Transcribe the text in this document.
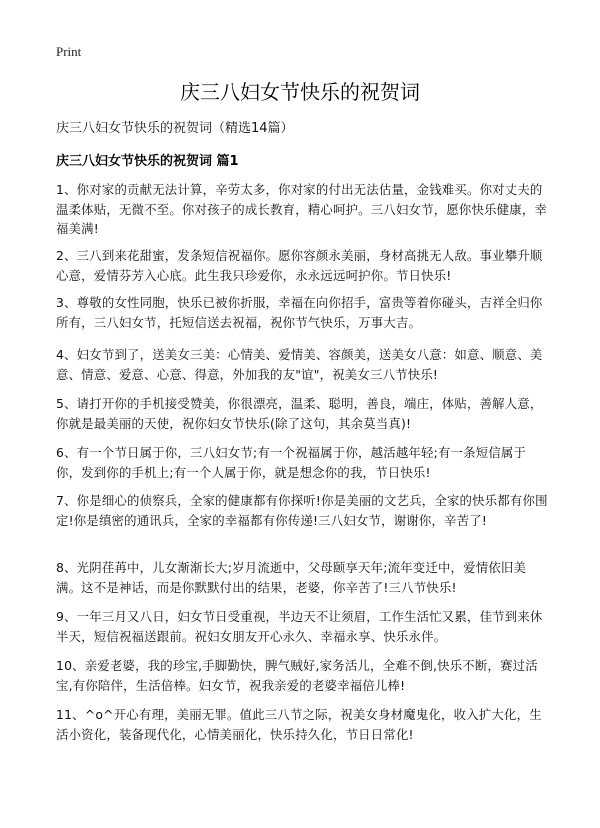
Print
庆三八妇女节快乐的祝贺词

庆三八妇女节快乐的祝贺词（精选14篇）

庆三八妇女节快乐的祝贺词 篇1

1、你对家的贡献无法计算，辛劳太多，你对家的付出无法估量，金钱难买。你对丈夫的温柔体贴，无微不至。你对孩子的成长教育，精心呵护。三八妇女节，愿你快乐健康，幸福美满!

2、三八到来花甜蜜，发条短信祝福你。愿你容颜永美丽，身材高挑无人敌。事业攀升顺心意，爱情芬芳入心底。此生我只珍爱你，永永远远呵护你。节日快乐!

3、尊敬的女性同胞，快乐已被你折服，幸福在向你招手，富贵等着你碰头，吉祥全归你所有，三八妇女节，托短信送去祝福，祝你节气快乐，万事大吉。

4、妇女节到了，送美女三美：心情美、爱情美、容颜美，送美女八意：如意、顺意、美意、情意、爱意、心意、得意，外加我的友"谊"，祝美女三八节快乐!

5、请打开你的手机接受赞美，你很漂亮，温柔、聪明，善良，端庄，体贴，善解人意，你就是最美丽的天使，祝你妇女节快乐(除了这句，其余莫当真)!

6、有一个节日属于你，三八妇女节;有一个祝福属于你，越活越年轻;有一条短信属于你，发到你的手机上;有一个人属于你，就是想念你的我，节日快乐!

7、你是细心的侦察兵，全家的健康都有你探听!你是美丽的文艺兵，全家的快乐都有你围定!你是缜密的通讯兵，全家的幸福都有你传递!三八妇女节，谢谢你，辛苦了!

8、光阴荏苒中，儿女渐渐长大;岁月流逝中，父母颐享天年;流年变迁中，爱情依旧美满。这不是神话，而是你默默付出的结果，老婆，你辛苦了!三八节快乐!

9、一年三月又八日，妇女节日受重视，半边天不让须眉，工作生活忙又累，佳节到来休半天，短信祝福送跟前。祝妇女朋友开心永久、幸福永享、快乐永伴。

10、亲爱老婆，我的珍宝,手脚勤快，脾气贼好,家务活儿，全难不倒,快乐不断，赛过活宝,有你陪伴，生活倍棒。妇女节，祝我亲爱的老婆幸福倍儿棒!

11、^o^开心有理，美丽无罪。值此三八节之际，祝美女身材魔鬼化，收入扩大化，生活小资化，装备现代化，心情美丽化，快乐持久化，节日日常化!
